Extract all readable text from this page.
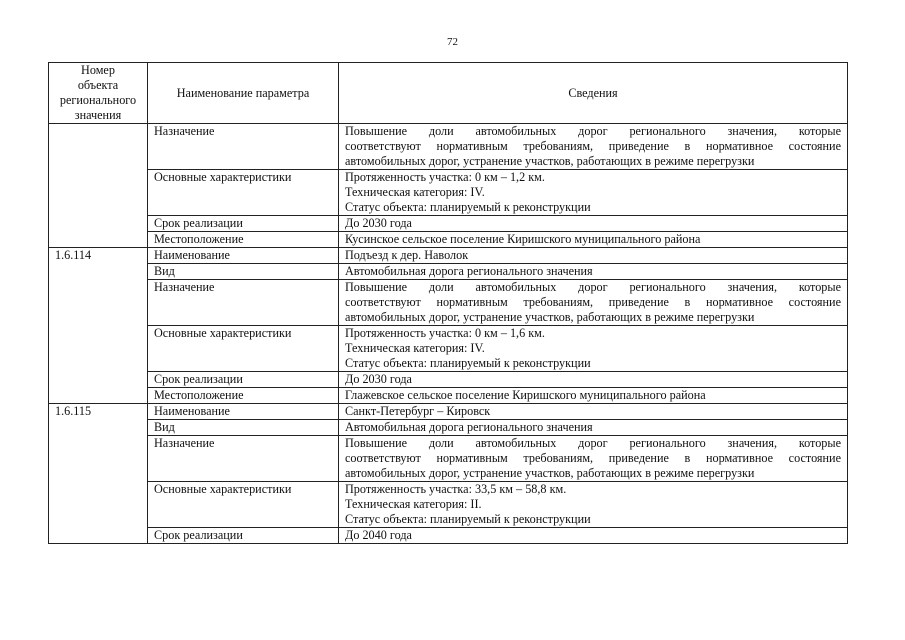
72
Номер
объекта
регионального
значения	Наименование параметра	Сведения
	Назначение	Повышение доли автомобильных дорог регионального значения, которые
соответствуют нормативным требованиям, приведение в нормативное состояние
автомобильных дорог, устранение участков, работающих в режиме перегрузки

	Основные характеристики	Протяженность участка: 0 км – 1,2 км.
Техническая категория: IV.
Статус объекта: планируемый к реконструкции

	Срок реализации	До 2030 года

	Местоположение	Кусинское сельское поселение Киришского муниципального района

1.6.114	Наименование	Подъезд к дер. Наволок

	Вид	Автомобильная дорога регионального значения

	Назначение	Повышение доли автомобильных дорог регионального значения, которые
соответствуют нормативным требованиям, приведение в нормативное состояние
автомобильных дорог, устранение участков, работающих в режиме перегрузки

	Основные характеристики	Протяженность участка: 0 км – 1,6 км.
Техническая категория: IV.
Статус объекта: планируемый к реконструкции

	Срок реализации	До 2030 года

	Местоположение	Глажевское сельское поселение Киришского муниципального района

1.6.115	Наименование	Санкт-Петербург – Кировск

	Вид	Автомобильная дорога регионального значения

	Назначение	Повышение доли автомобильных дорог регионального значения, которые
соответствуют нормативным требованиям, приведение в нормативное состояние
автомобильных дорог, устранение участков, работающих в режиме перегрузки

	Основные характеристики	Протяженность участка: 33,5 км – 58,8 км.
Техническая категория: II.
Статус объекта: планируемый к реконструкции

	Срок реализации	До 2040 года
